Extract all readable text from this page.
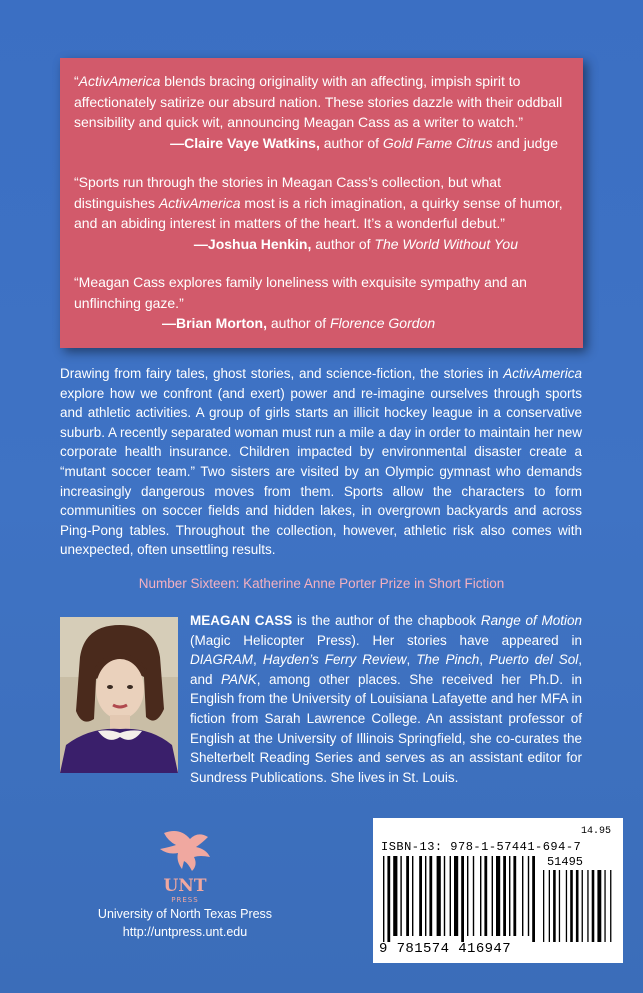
“ActivAmerica blends bracing originality with an affecting, impish spirit to affectionately satirize our absurd nation. These stories dazzle with their oddball sensibility and quick wit, announcing Meagan Cass as a writer to watch.”
—Claire Vaye Watkins, author of Gold Fame Citrus and judge
“Sports run through the stories in Meagan Cass’s collection, but what distinguishes ActivAmerica most is a rich imagination, a quirky sense of humor, and an abiding interest in matters of the heart. It’s a wonderful debut.”
—Joshua Henkin, author of The World Without You
“Meagan Cass explores family loneliness with exquisite sympathy and an unflinching gaze.”
—Brian Morton, author of Florence Gordon
Drawing from fairy tales, ghost stories, and science-fiction, the stories in ActivAmerica explore how we confront (and exert) power and re-imagine ourselves through sports and athletic activities. A group of girls starts an illicit hockey league in a conservative suburb. A recently separated woman must run a mile a day in order to maintain her new corporate health insurance. Children impacted by environmental disaster create a “mutant soccer team.” Two sisters are visited by an Olympic gymnast who demands increasingly dangerous moves from them. Sports allow the characters to form communities on soccer fields and hidden lakes, in overgrown backyards and across Ping-Pong tables. Throughout the collection, however, athletic risk also comes with unexpected, often unsettling results.
Number Sixteen: Katherine Anne Porter Prize in Short Fiction
MEAGAN CASS is the author of the chapbook Range of Motion (Magic Helicopter Press). Her stories have appeared in DIAGRAM, Hayden’s Ferry Review, The Pinch, Puerto del Sol, and PANK, among other places. She received her Ph.D. in English from the University of Louisiana Lafayette and her MFA in fiction from Sarah Lawrence College. An assistant professor of English at the University of Illinois Springfield, she co-curates the Shelterbelt Reading Series and serves as an assistant editor for Sundress Publications. She lives in St. Louis.
UNT
PRESS
University of North Texas Press
http://untpress.unt.edu
14.95
ISBN-13: 978-1-57441-694-7
51495
9 781574 416947
